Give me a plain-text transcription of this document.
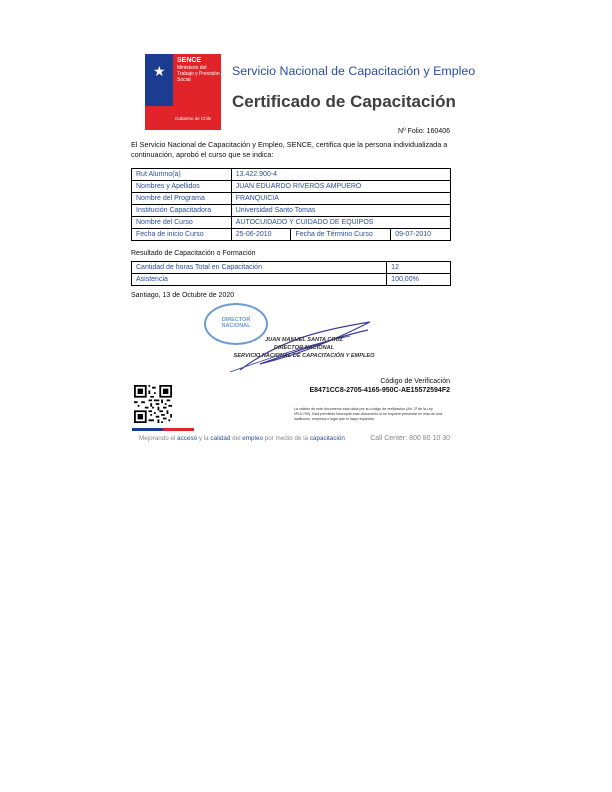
★
SENCE
Ministerio del Trabajo y Previsión Social
Gobierno de Chile
Servicio Nacional de Capacitación y Empleo
Certificado de Capacitación
Nº Folio: 160406
El Servicio Nacional de Capacitación y Empleo, SENCE, certifica que la persona individualizada a continuación, aprobó el curso que se indica:
Rut Alumno(a)	13.422.900-4		
Nombres y Apellidos	JUAN EDUARDO RIVEROS AMPUERO		
Nombre del Programa	FRANQUICIA		
Institución Capacitadora	Universidad Santo Tomas		
Nombre del Curso	AUTOCUIDADO Y CUIDADO DE EQUIPOS		
Fecha de inicio Curso	25-06-2010	Fecha de Término Curso	09-07-2010
Resultado de Capacitación o Formación
Cantidad de horas Total en Capacitación	12
Asistencia	100,00%
Santiago, 13 de Octubre de 2020
DIRECTOR NACIONAL
JUAN MANUEL SANTA CRUZ
DIRECTOR NACIONAL
SERVICIO NACIONAL DE CAPACITACIÓN Y EMPLEO
Código de Verificación
E8471CC8-2705-4165-950C-AE15572594F2
La validez de este documento está dada por su código de verificación (Art. 2º de la Ley Nº19.799). Está permitido fotocopiar este documento si se requiere presentar en más de una institución, empresa o lugar que lo haya requerido.
Mejorando el acceso y la calidad del empleo por medio de la capacitación	Call Center: 800 80 10 30
